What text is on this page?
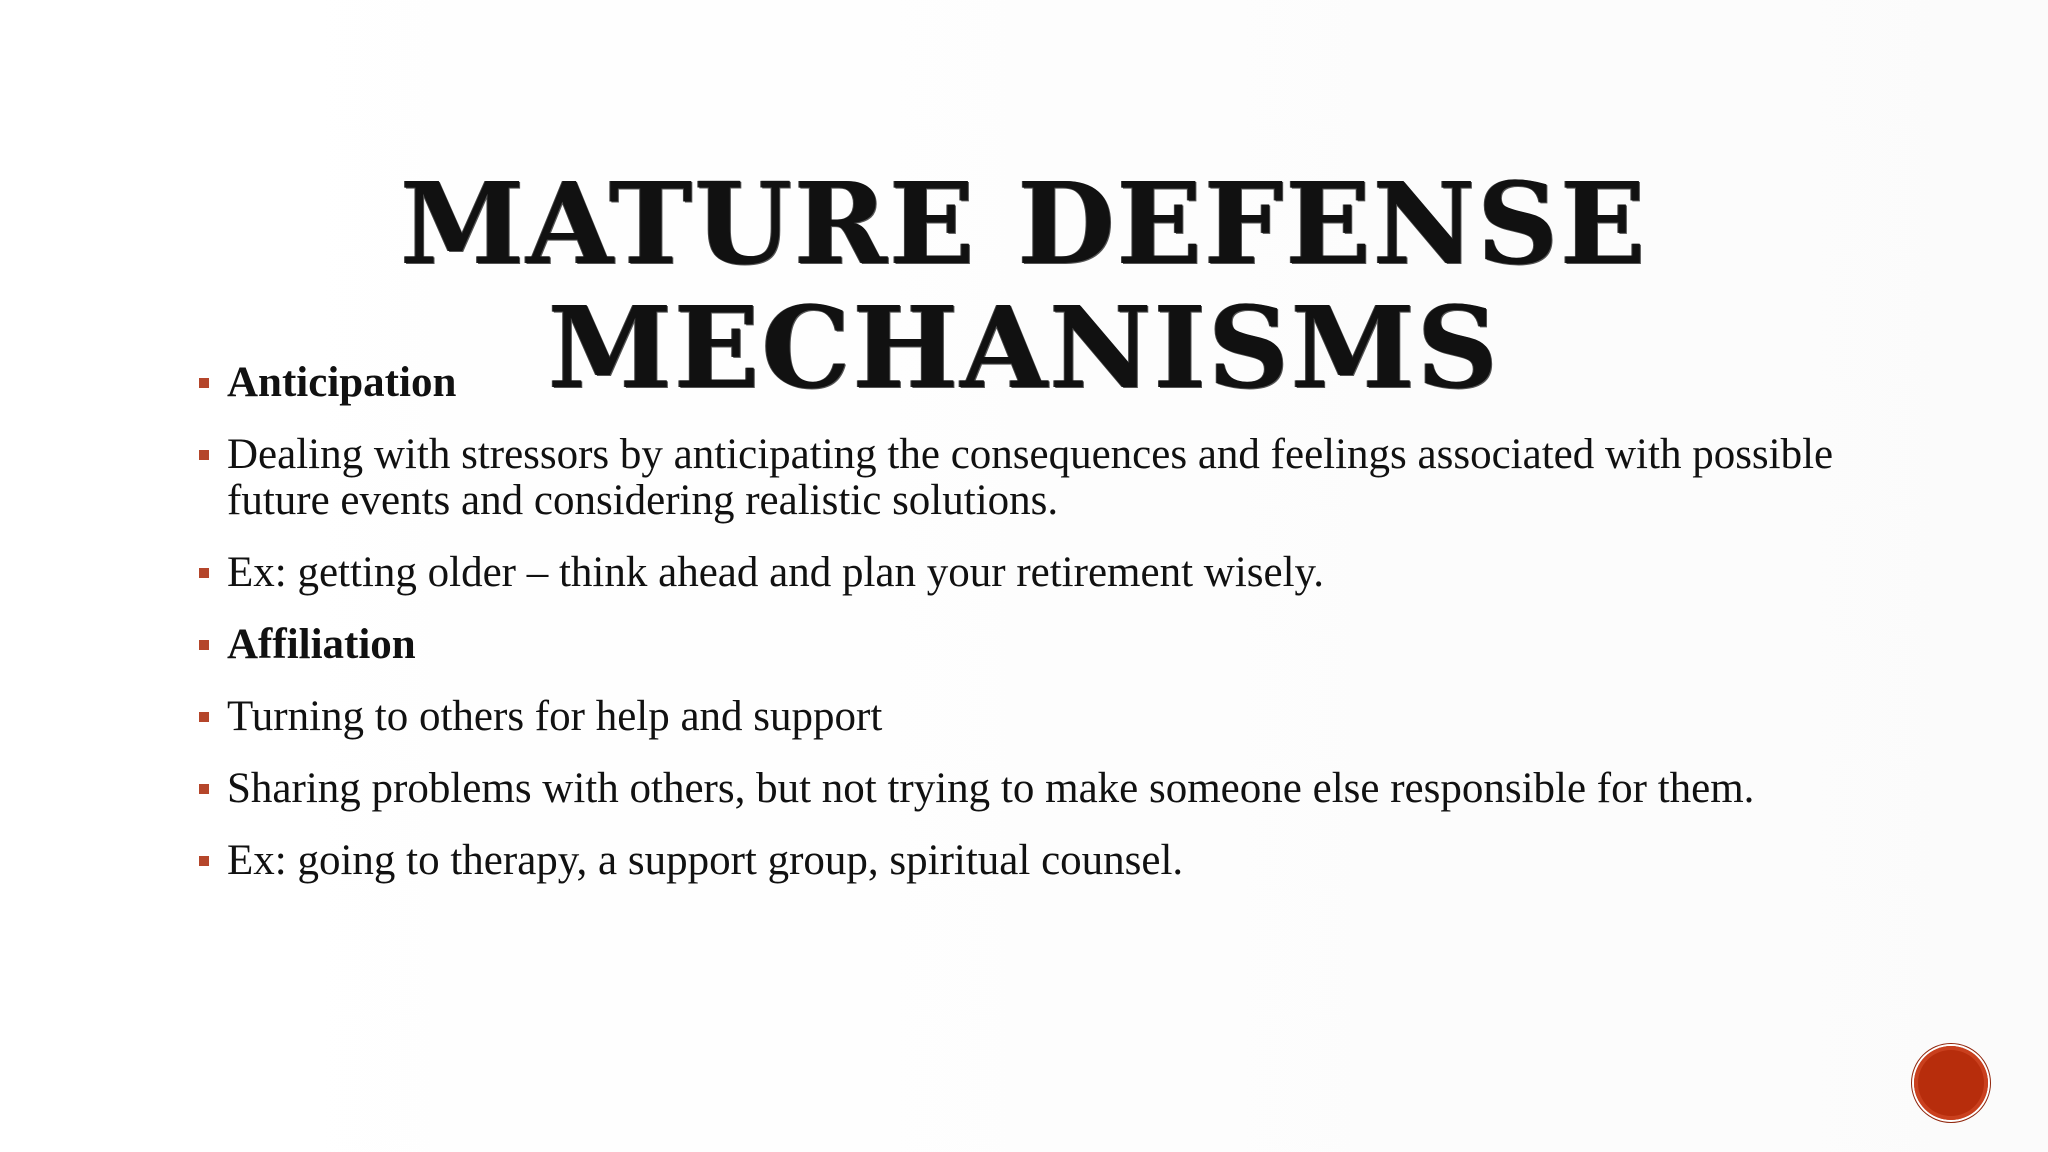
MATURE DEFENSE
MECHANISMS
Anticipation
Dealing with stressors by anticipating the consequences and feelings associated with possible future events and considering realistic solutions.
Ex: getting older – think ahead and plan your retirement wisely.
Affiliation
Turning to others for help and support
Sharing problems with others, but not trying to make someone else responsible for them.
Ex: going to therapy, a support group, spiritual counsel.
